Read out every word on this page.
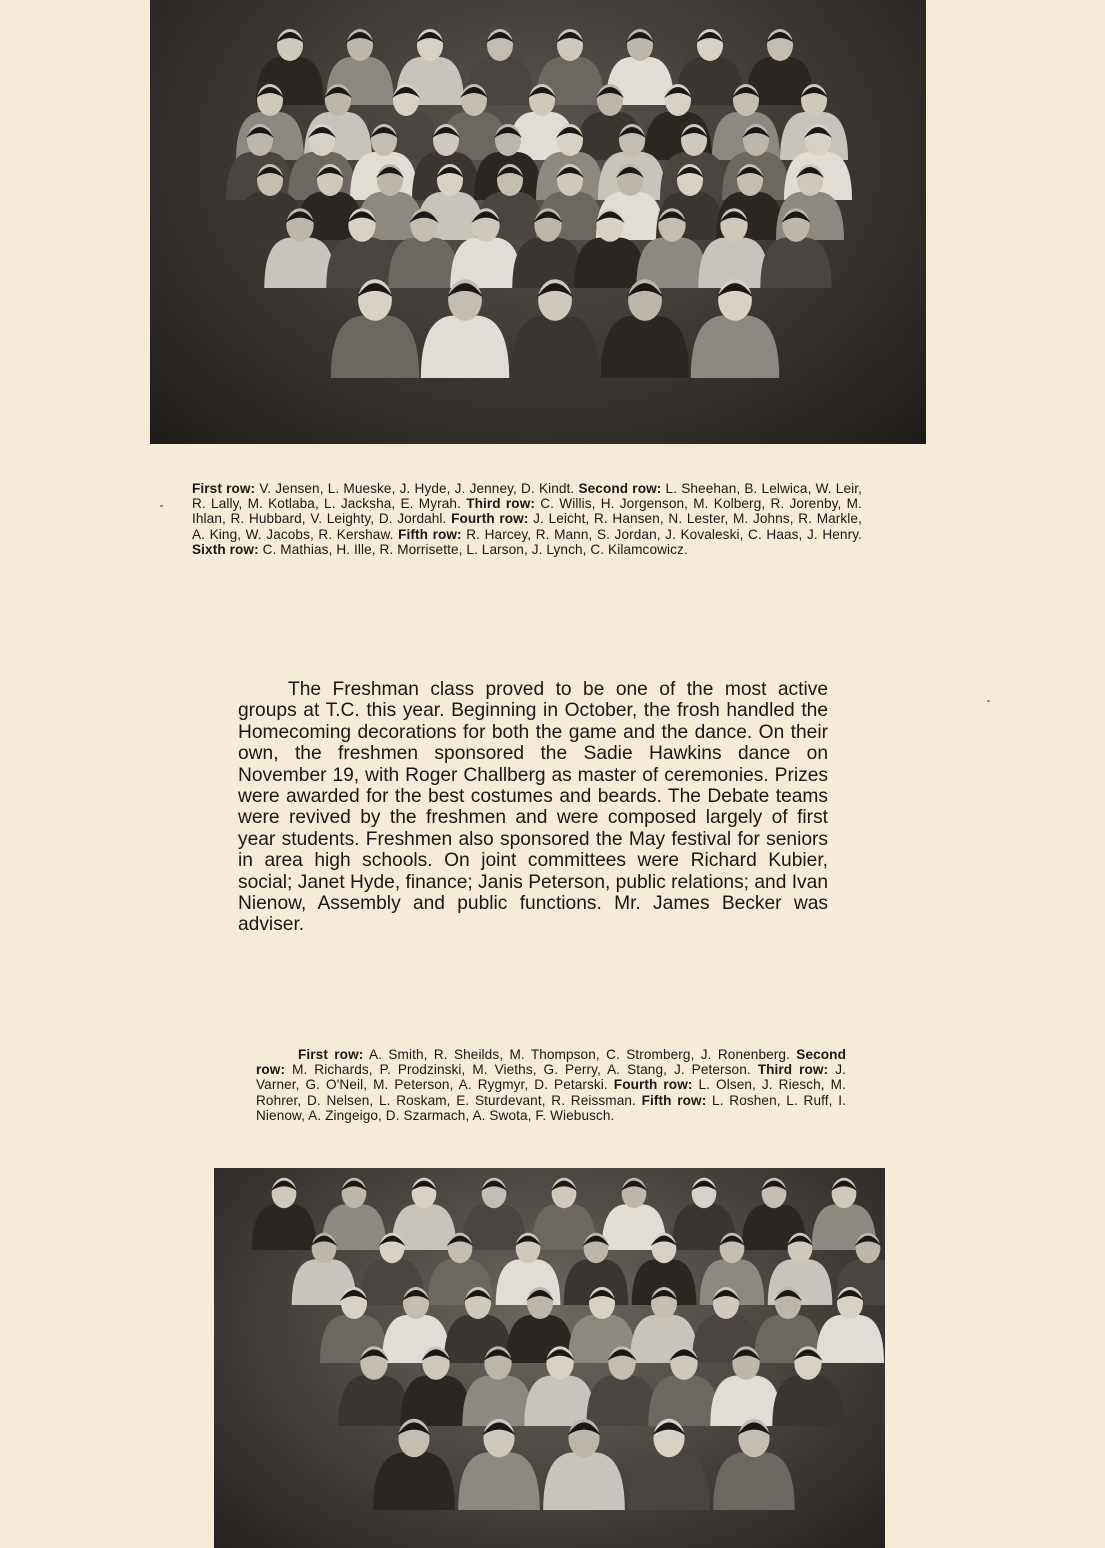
First row: V. Jensen, L. Mueske, J. Hyde, J. Jenney, D. Kindt. Second row: L. Sheehan, B. Lelwica, W. Leir, R. Lally, M. Kotlaba, L. Jacksha, E. Myrah. Third row: C. Willis, H. Jorgenson, M. Kolberg, R. Jorenby, M. Ihlan, R. Hubbard, V. Leighty, D. Jordahl. Fourth row: J. Leicht, R. Hansen, N. Lester, M. Johns, R. Markle, A. King, W. Jacobs, R. Kershaw. Fifth row: R. Harcey, R. Mann, S. Jordan, J. Kovaleski, C. Haas, J. Henry. Sixth row: C. Mathias, H. Ille, R. Morrisette, L. Larson, J. Lynch, C. Kilamcowicz.
The Freshman class proved to be one of the most active groups at T.C. this year. Beginning in October, the frosh handled the Homecoming decorations for both the game and the dance. On their own, the freshmen sponsored the Sadie Hawkins dance on November 19, with Roger Challberg as master of ceremonies. Prizes were awarded for the best costumes and beards. The Debate teams were revived by the freshmen and were composed largely of first year students. Freshmen also sponsored the May festival for seniors in area high schools. On joint committees were Richard Kubier, social; Janet Hyde, finance; Janis Peterson, public relations; and Ivan Nienow, Assembly and public functions. Mr. James Becker was adviser.
First row: A. Smith, R. Sheilds, M. Thompson, C. Stromberg, J. Ronenberg. Second row: M. Richards, P. Prodzinski, M. Vieths, G. Perry, A. Stang, J. Peterson. Third row: J. Varner, G. O'Neil, M. Peterson, A. Rygmyr, D. Petarski. Fourth row: L. Olsen, J. Riesch, M. Rohrer, D. Nelsen, L. Roskam, E. Sturdevant, R. Reissman. Fifth row: L. Roshen, L. Ruff, I. Nienow, A. Zingeigo, D. Szarmach, A. Swota, F. Wiebusch.
